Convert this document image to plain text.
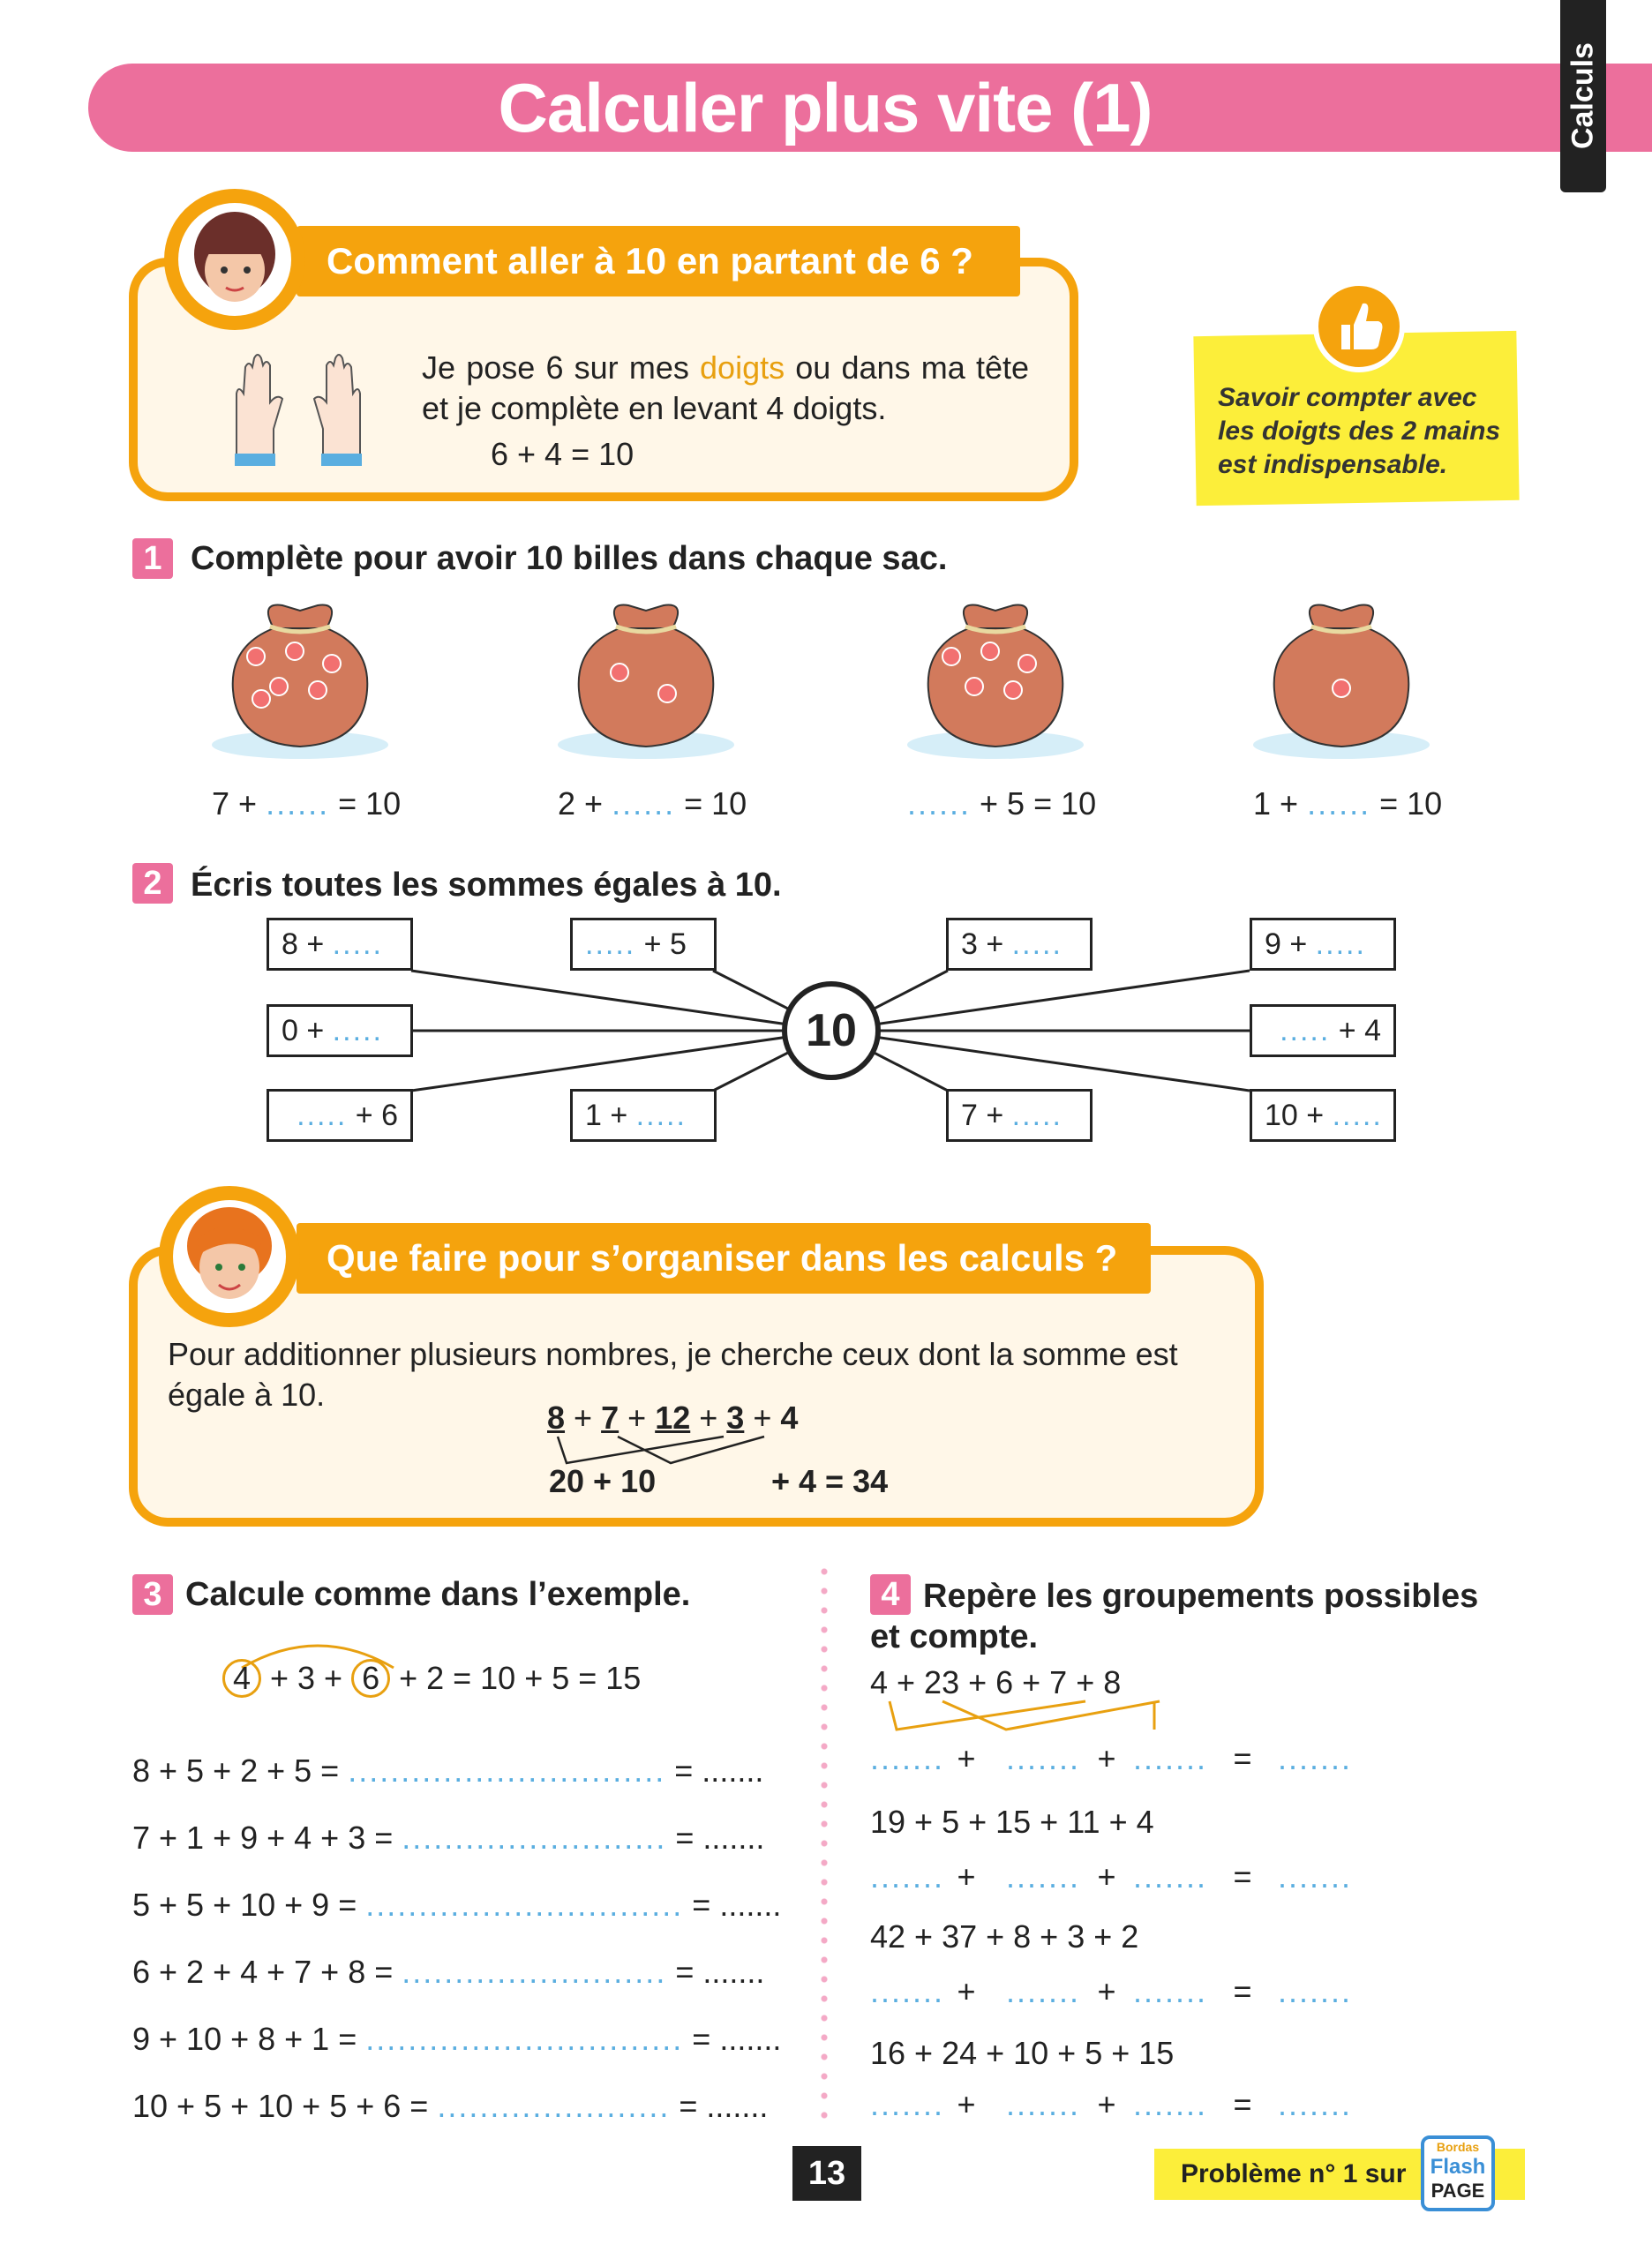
Calculer plus vite (1)	Calculs
Comment aller à 10 en partant de 6 ?
Je pose 6 sur mes doigts ou dans ma tête et je complète en levant 4 doigts.
6 + 4 = 10
Savoir compter avec les doigts des 2 mains est indispensable.
1 Complète pour avoir 10 billes dans chaque sac.
7 + ...... = 10	2 + ...... = 10	...... + 5 = 10	1 + ...... = 10
2 Écris toutes les sommes égales à 10.
8 + .....	..... + 5	3 + .....	9 + .....
0 + .....	..... + 4
..... + 6	1 + .....	7 + .....	10 + .....
10
Que faire pour s’organiser dans les calculs ?
Pour additionner plusieurs nombres, je cherche ceux dont la somme est égale à 10.
8 + 7 + 12 + 3 + 4
20 + 10	+ 4 = 34
3 Calcule comme dans l’exemple.
4 + 3 + 6 + 2 = 10 + 5 = 15
8 + 5 + 2 + 5 = .............................. = .......
7 + 1 + 9 + 4 + 3 = ......................... = .......
5 + 5 + 10 + 9 = .............................. = .......
6 + 2 + 4 + 7 + 8 = ......................... = .......
9 + 10 + 8 + 1 = .............................. = .......
10 + 5 + 10 + 5 + 6 = ...................... = .......
4 Repère les groupements possibles et compte.
4 + 23 + 6 + 7 + 8
....... + ....... + ....... = .......
19 + 5 + 15 + 11 + 4
....... + ....... + ....... = .......
42 + 37 + 8 + 3 + 2
....... + ....... + ....... = .......
16 + 24 + 10 + 5 + 15
....... + ....... + ....... = .......
13	Problème n° 1 sur
Bordas
Flash
PAGE
